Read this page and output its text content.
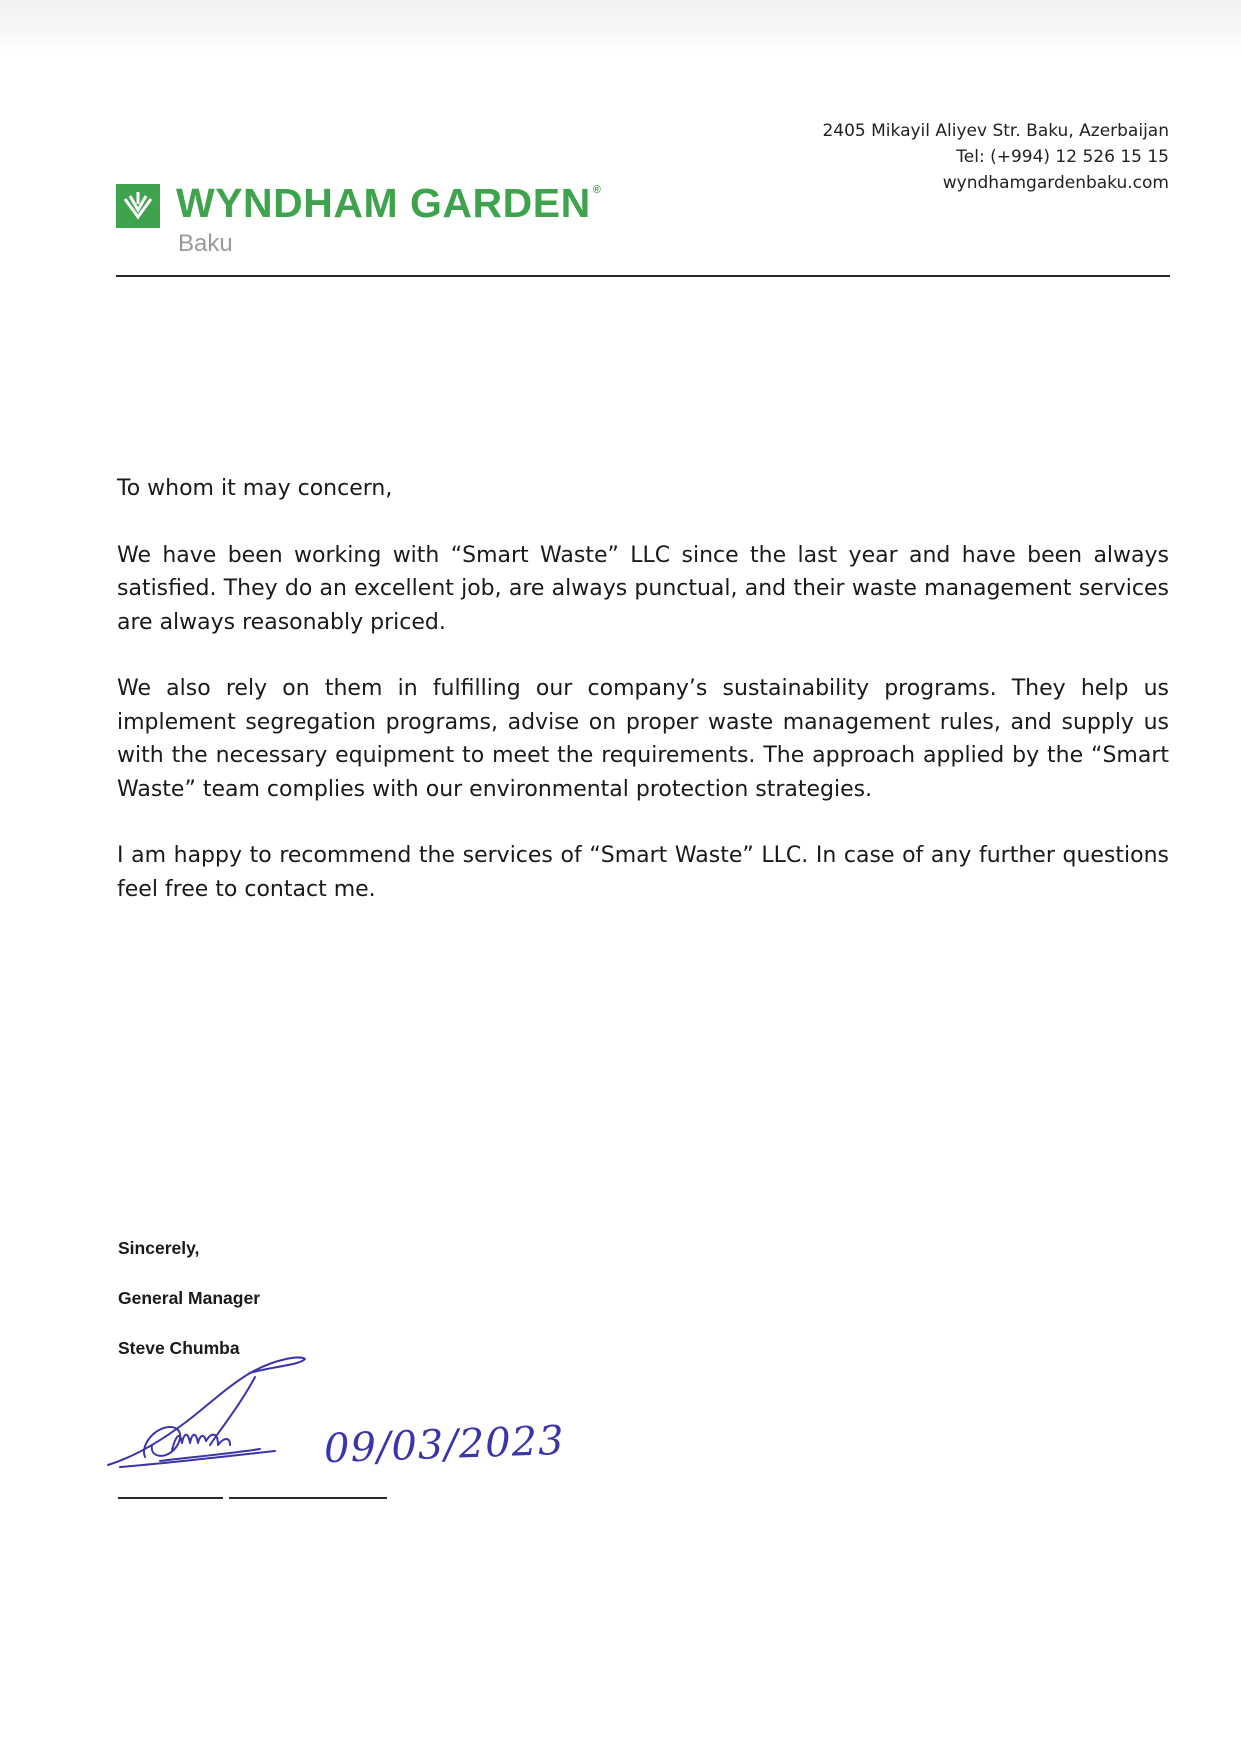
WYNDHAM GARDEN ®
Baku
2405 Mikayil Aliyev Str. Baku, Azerbaijan
Tel: (+994) 12 526 15 15
wyndhamgardenbaku.com

To whom it may concern,

We have been working with “Smart Waste” LLC since the last year and have been always satisfied. They do an excellent job, are always punctual, and their waste management services are always reasonably priced.

We also rely on them in fulfilling our company’s sustainability programs. They help us implement segregation programs, advise on proper waste management rules, and supply us with the necessary equipment to meet the requirements. The approach applied by the “Smart Waste” team complies with our environmental protection strategies.

I am happy to recommend the services of “Smart Waste” LLC. In case of any further questions feel free to contact me.

Sincerely,
General Manager
Steve Chumba
09/03/2023
